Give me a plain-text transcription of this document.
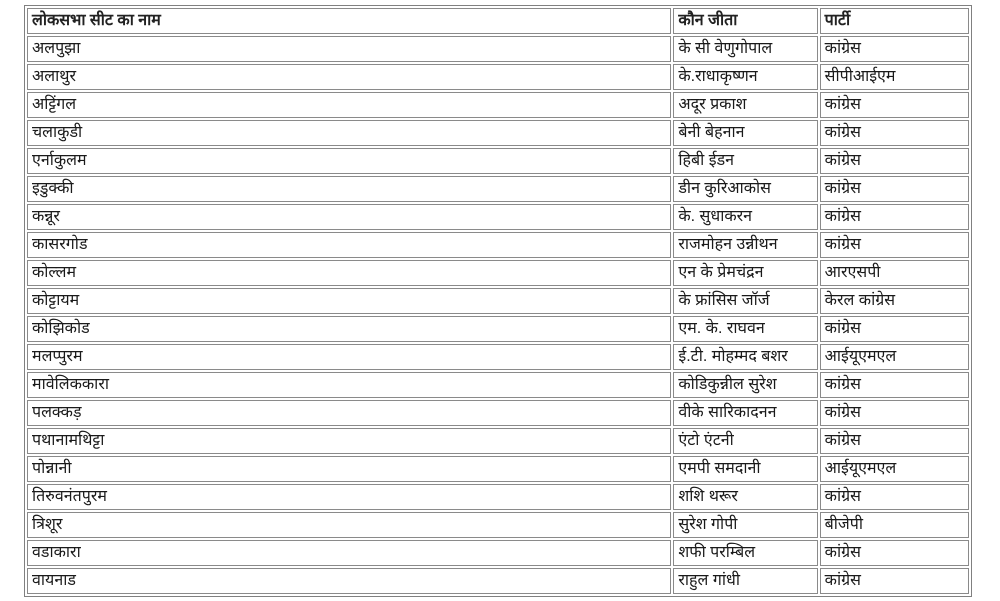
लोकसभा सीट का नाम	कौन जीता	पार्टी
अलपुझा	के सी वेणुगोपाल	कांग्रेस
अलाथुर	के.राधाकृष्णन	सीपीआईएम
अट्टिंगल	अदूर प्रकाश	कांग्रेस
चलाकुडी	बेनी बेहनान	कांग्रेस
एर्नाकुलम	हिबी ईडन	कांग्रेस
इडुक्की	डीन कुरिआकोस	कांग्रेस
कन्नूर	के. सुधाकरन	कांग्रेस
कासरगोड	राजमोहन उन्नीथन	कांग्रेस
कोल्लम	एन के प्रेमचंद्रन	आरएसपी
कोट्टायम	के फ्रांसिस जॉर्ज	केरल कांग्रेस
कोझिकोड	एम. के. राघवन	कांग्रेस
मलप्पुरम	ई.टी. मोहम्मद बशर	आईयूएमएल
मावेलिककारा	कोडिकुन्नील सुरेश	कांग्रेस
पलक्कड़	वीके सारिकादनन	कांग्रेस
पथानामथिट्टा	एंटो एंटनी	कांग्रेस
पोन्नानी	एमपी समदानी	आईयूएमएल
तिरुवनंतपुरम	शशि थरूर	कांग्रेस
त्रिशूर	सुरेश गोपी	बीजेपी
वडाकारा	शफी परम्बिल	कांग्रेस
वायनाड	राहुल गांधी	कांग्रेस
